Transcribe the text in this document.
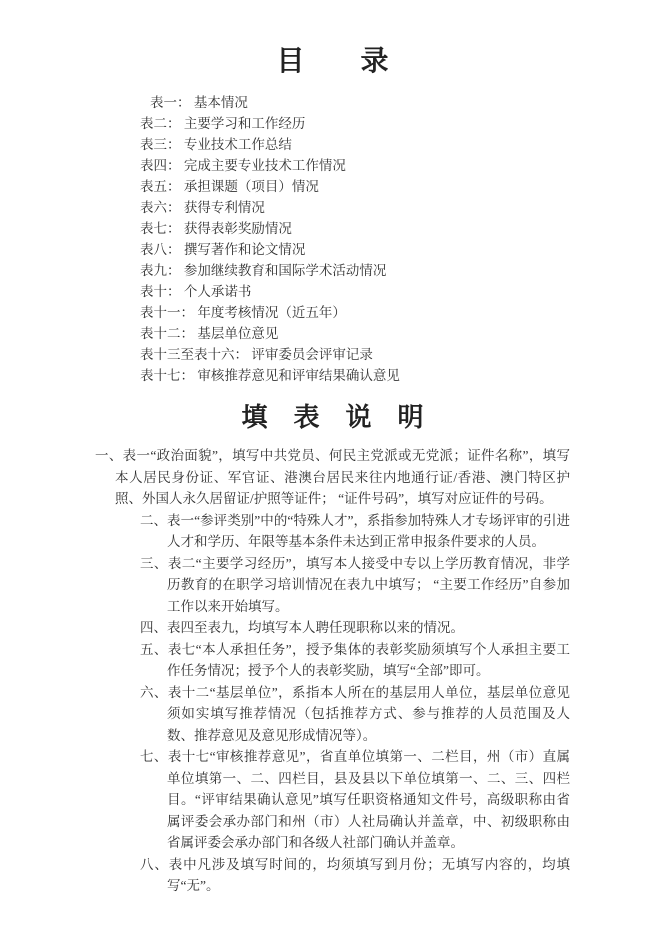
目　　录
表一： 基本情况
表二： 主要学习和工作经历
表三： 专业技术工作总结
表四： 完成主要专业技术工作情况
表五： 承担课题（项目）情况
表六： 获得专利情况
表七： 获得表彰奖励情况
表八： 撰写著作和论文情况
表九： 参加继续教育和国际学术活动情况
表十： 个人承诺书
表十一： 年度考核情况（近五年）
表十二： 基层单位意见
表十三至表十六： 评审委员会评审记录
表十七： 审核推荐意见和评审结果确认意见
填　表　说　明

一、表一“政治面貌”，填写中共党员、何民主党派或无党派；证件名称”，填写本人居民身份证、军官证、港澳台居民来往内地通行证/香港、澳门特区护照、外国人永久居留证/护照等证件； “证件号码”，填写对应证件的号码。

二、表一“参评类别”中的“特殊人才”，系指参加特殊人才专场评审的引进人才和学历、年限等基本条件未达到正常申报条件要求的人员。

三、表二“主要学习经历”，填写本人接受中专以上学历教育情况，非学历教育的在职学习培训情况在表九中填写； “主要工作经历”自参加工作以来开始填写。

四、表四至表九，均填写本人聘任现职称以来的情况。

五、表七“本人承担任务”，授予集体的表彰奖励须填写个人承担主要工作任务情况；授予个人的表彰奖励，填写“全部”即可。

六、表十二“基层单位”，系指本人所在的基层用人单位，基层单位意见须如实填写推荐情况（包括推荐方式、参与推荐的人员范围及人数、推荐意见及意见形成情况等）。

七、表十七“审核推荐意见”，省直单位填第一、二栏目，州（市）直属单位填第一、二、四栏目，县及县以下单位填第一、二、三、四栏目。“评审结果确认意见”填写任职资格通知文件号，高级职称由省属评委会承办部门和州（市）人社局确认并盖章，中、初级职称由省属评委会承办部门和各级人社部门确认并盖章。

八、表中凡涉及填写时间的，均须填写到月份；无填写内容的，均填写“无”。
